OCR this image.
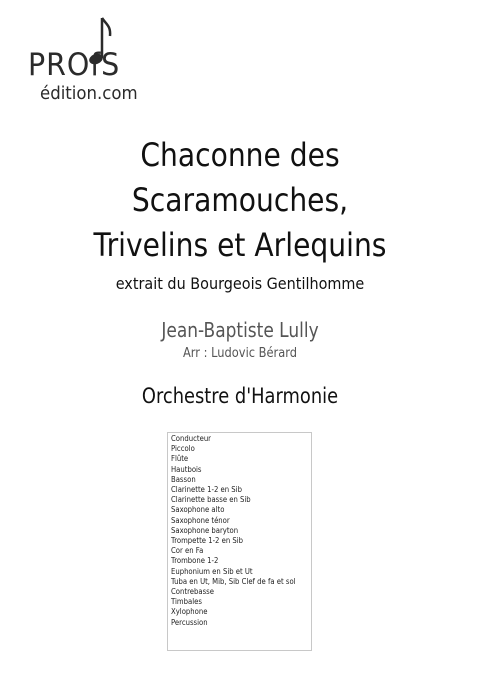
PROfS
édition.com
Chaconne des
Scaramouches,
Trivelins et Arlequins
extrait du Bourgeois Gentilhomme
Jean-Baptiste Lully
Arr : Ludovic Bérard
Orchestre d'Harmonie
Conducteur
Piccolo
Flûte
Hautbois
Basson
Clarinette 1-2 en Sib
Clarinette basse en Sib
Saxophone alto
Saxophone ténor
Saxophone baryton
Trompette 1-2 en Sib
Cor en Fa
Trombone 1-2
Euphonium en Sib et Ut
Tuba en Ut, Mib, Sib Clef de fa et sol
Contrebasse
Timbales
Xylophone
Percussion
